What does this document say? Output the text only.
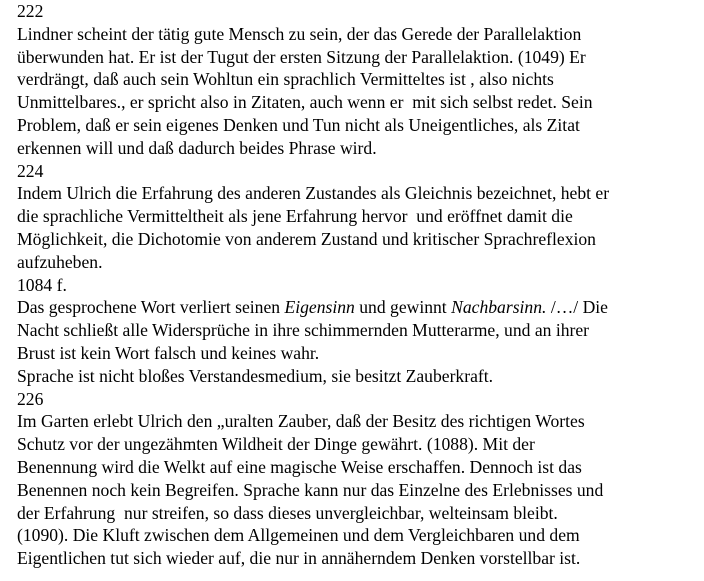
222
Lindner scheint der tätig gute Mensch zu sein, der das Gerede der Parallelaktion
überwunden hat. Er ist der Tugut der ersten Sitzung der Parallelaktion. (1049) Er
verdrängt, daß auch sein Wohltun ein sprachlich Vermitteltes ist , also nichts
Unmittelbares., er spricht also in Zitaten, auch wenn er  mit sich selbst redet. Sein
Problem, daß er sein eigenes Denken und Tun nicht als Uneigentliches, als Zitat
erkennen will und daß dadurch beides Phrase wird.
224
Indem Ulrich die Erfahrung des anderen Zustandes als Gleichnis bezeichnet, hebt er
die sprachliche Vermitteltheit als jene Erfahrung hervor  und eröffnet damit die
Möglichkeit, die Dichotomie von anderem Zustand und kritischer Sprachreflexion
aufzuheben.
1084 f.
Das gesprochene Wort verliert seinen Eigensinn und gewinnt Nachbarsinn. /…/ Die
Nacht schließt alle Widersprüche in ihre schimmernden Mutterarme, und an ihrer
Brust ist kein Wort falsch und keines wahr.
Sprache ist nicht bloßes Verstandesmedium, sie besitzt Zauberkraft.
226
Im Garten erlebt Ulrich den „uralten Zauber, daß der Besitz des richtigen Wortes
Schutz vor der ungezähmten Wildheit der Dinge gewährt. (1088). Mit der
Benennung wird die Welkt auf eine magische Weise erschaffen. Dennoch ist das
Benennen noch kein Begreifen. Sprache kann nur das Einzelne des Erlebnisses und
der Erfahrung  nur streifen, so dass dieses unvergleichbar, welteinsam bleibt.
(1090). Die Kluft zwischen dem Allgemeinen und dem Vergleichbaren und dem
Eigentlichen tut sich wieder auf, die nur in annäherndem Denken vorstellbar ist.
